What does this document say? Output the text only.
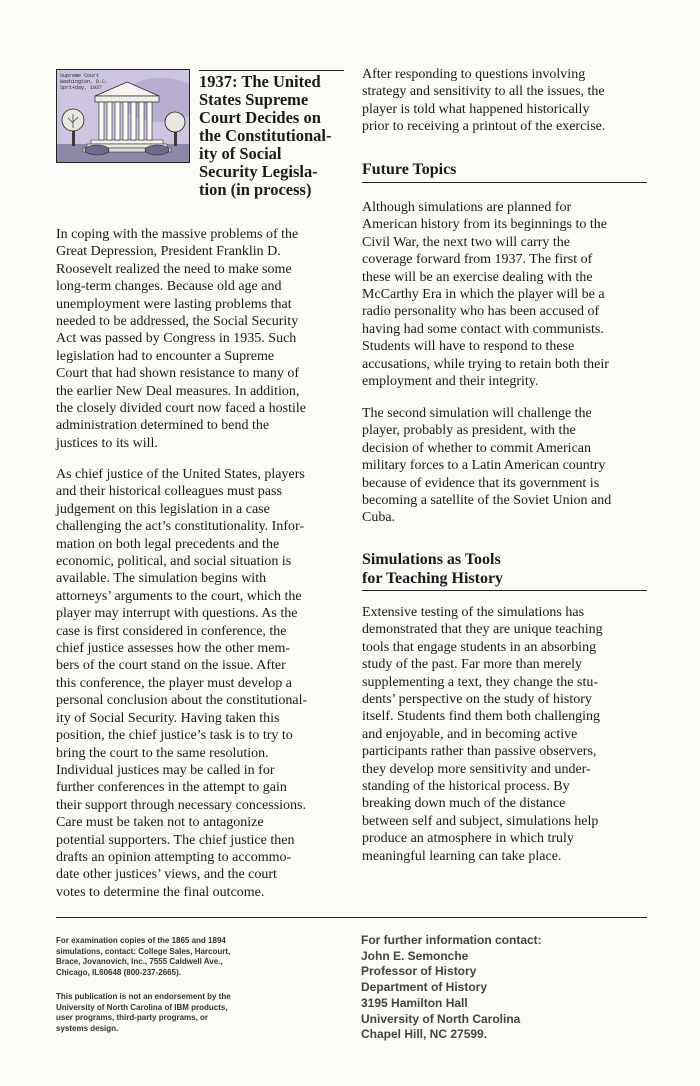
Supreme Court
Washington, D.C.
Sprt+day, 1937	1937: The United
States Supreme
Court Decides on
the Constitutional-
ity of Social
Security Legisla-
tion (in process)
In coping with the massive problems of the
Great Depression, President Franklin D.
Roosevelt realized the need to make some
long-term changes. Because old age and
unemployment were lasting problems that
needed to be addressed, the Social Security
Act was passed by Congress in 1935. Such
legislation had to encounter a Supreme
Court that had shown resistance to many of
the earlier New Deal measures. In addition,
the closely divided court now faced a hostile
administration determined to bend the
justices to its will.
As chief justice of the United States, players
and their historical colleagues must pass
judgement on this legislation in a case
challenging the act’s constitutionality. Infor-
mation on both legal precedents and the
economic, political, and social situation is
available. The simulation begins with
attorneys’ arguments to the court, which the
player may interrupt with questions. As the
case is first considered in conference, the
chief justice assesses how the other mem-
bers of the court stand on the issue. After
this conference, the player must develop a
personal conclusion about the constitutional-
ity of Social Security. Having taken this
position, the chief justice’s task is to try to
bring the court to the same resolution.
Individual justices may be called in for
further conferences in the attempt to gain
their support through necessary concessions.
Care must be taken not to antagonize
potential supporters. The chief justice then
drafts an opinion attempting to accommo-
date other justices’ views, and the court
votes to determine the final outcome.
After responding to questions involving
strategy and sensitivity to all the issues, the
player is told what happened historically
prior to receiving a printout of the exercise.
Future Topics
Although simulations are planned for
American history from its beginnings to the
Civil War, the next two will carry the
coverage forward from 1937. The first of
these will be an exercise dealing with the
McCarthy Era in which the player will be a
radio personality who has been accused of
having had some contact with communists.
Students will have to respond to these
accusations, while trying to retain both their
employment and their integrity.
The second simulation will challenge the
player, probably as president, with the
decision of whether to commit American
military forces to a Latin American country
because of evidence that its government is
becoming a satellite of the Soviet Union and
Cuba.
Simulations as Tools
for Teaching History
Extensive testing of the simulations has
demonstrated that they are unique teaching
tools that engage students in an absorbing
study of the past. Far more than merely
supplementing a text, they change the stu-
dents’ perspective on the study of history
itself. Students find them both challenging
and enjoyable, and in becoming active
participants rather than passive observers,
they develop more sensitivity and under-
standing of the historical process. By
breaking down much of the distance
between self and subject, simulations help
produce an atmosphere in which truly
meaningful learning can take place.
For examination copies of the 1865 and 1894
simulations, contact: College Sales, Harcourt,
Brace, Jovanovich, Inc., 7555 Caldwell Ave.,
Chicago, IL60648 (800-237-2665).
This publication is not an endorsement by the
University of North Carolina of IBM products,
user programs, third-party programs, or
systems design.
For further information contact:
John E. Semonche
Professor of History
Department of History
3195 Hamilton Hall
University of North Carolina
Chapel Hill, NC 27599.
